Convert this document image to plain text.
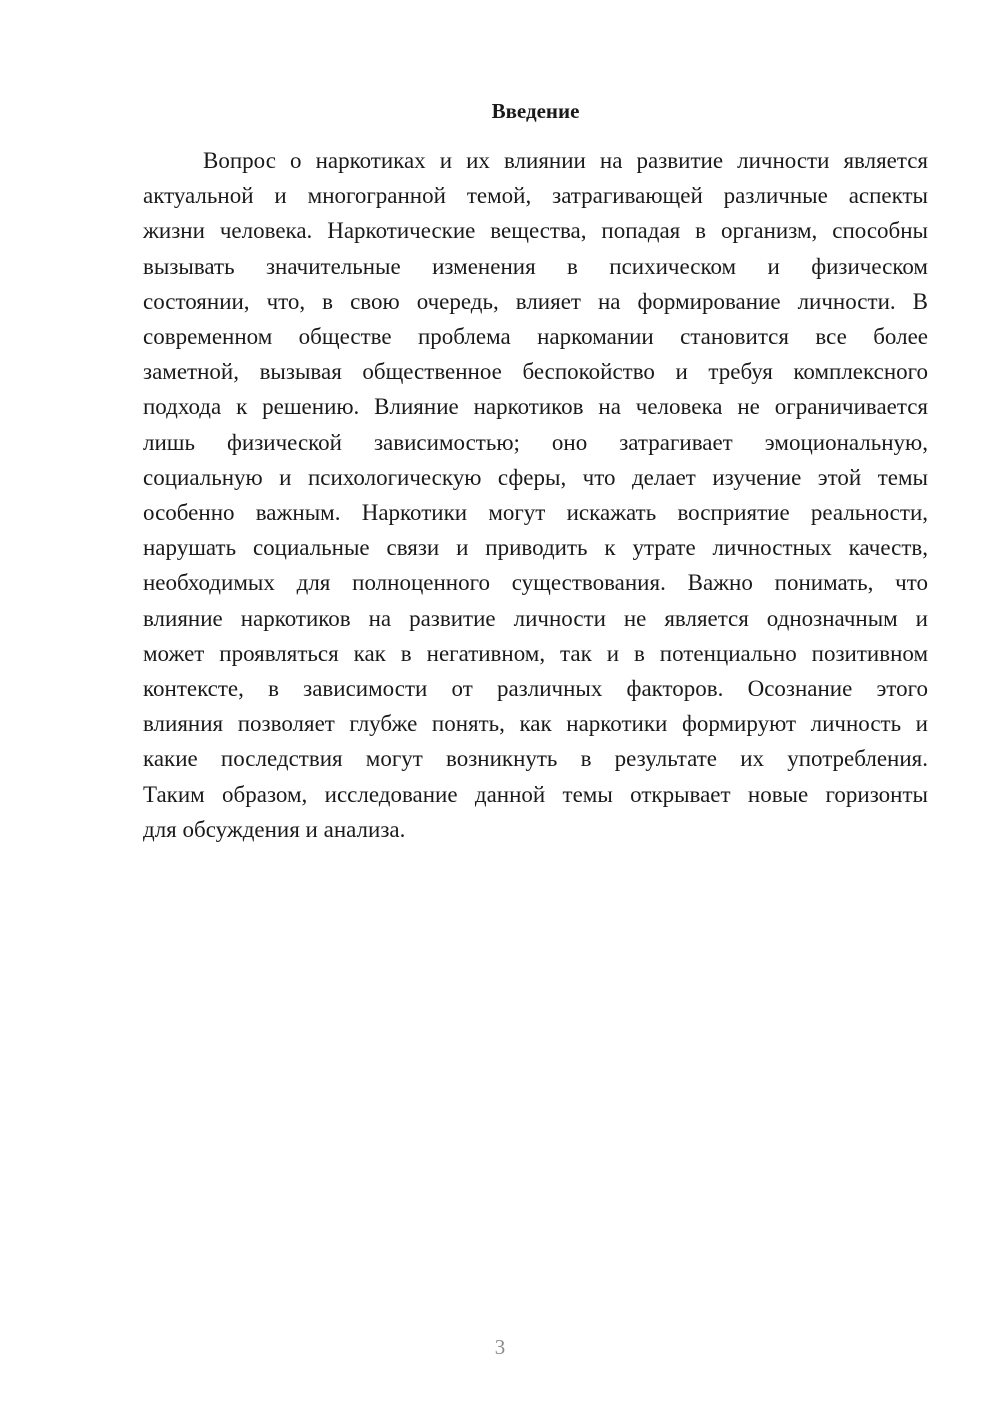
Введение
Вопрос о наркотиках и их влиянии на развитие личности является
актуальной и многогранной темой, затрагивающей различные аспекты
жизни человека. Наркотические вещества, попадая в организм, способны
вызывать значительные изменения в психическом и физическом
состоянии, что, в свою очередь, влияет на формирование личности. В
современном обществе проблема наркомании становится все более
заметной, вызывая общественное беспокойство и требуя комплексного
подхода к решению. Влияние наркотиков на человека не ограничивается
лишь физической зависимостью; оно затрагивает эмоциональную,
социальную и психологическую сферы, что делает изучение этой темы
особенно важным. Наркотики могут искажать восприятие реальности,
нарушать социальные связи и приводить к утрате личностных качеств,
необходимых для полноценного существования. Важно понимать, что
влияние наркотиков на развитие личности не является однозначным и
может проявляться как в негативном, так и в потенциально позитивном
контексте, в зависимости от различных факторов. Осознание этого
влияния позволяет глубже понять, как наркотики формируют личность и
какие последствия могут возникнуть в результате их употребления.
Таким образом, исследование данной темы открывает новые горизонты
для обсуждения и анализа.
3
